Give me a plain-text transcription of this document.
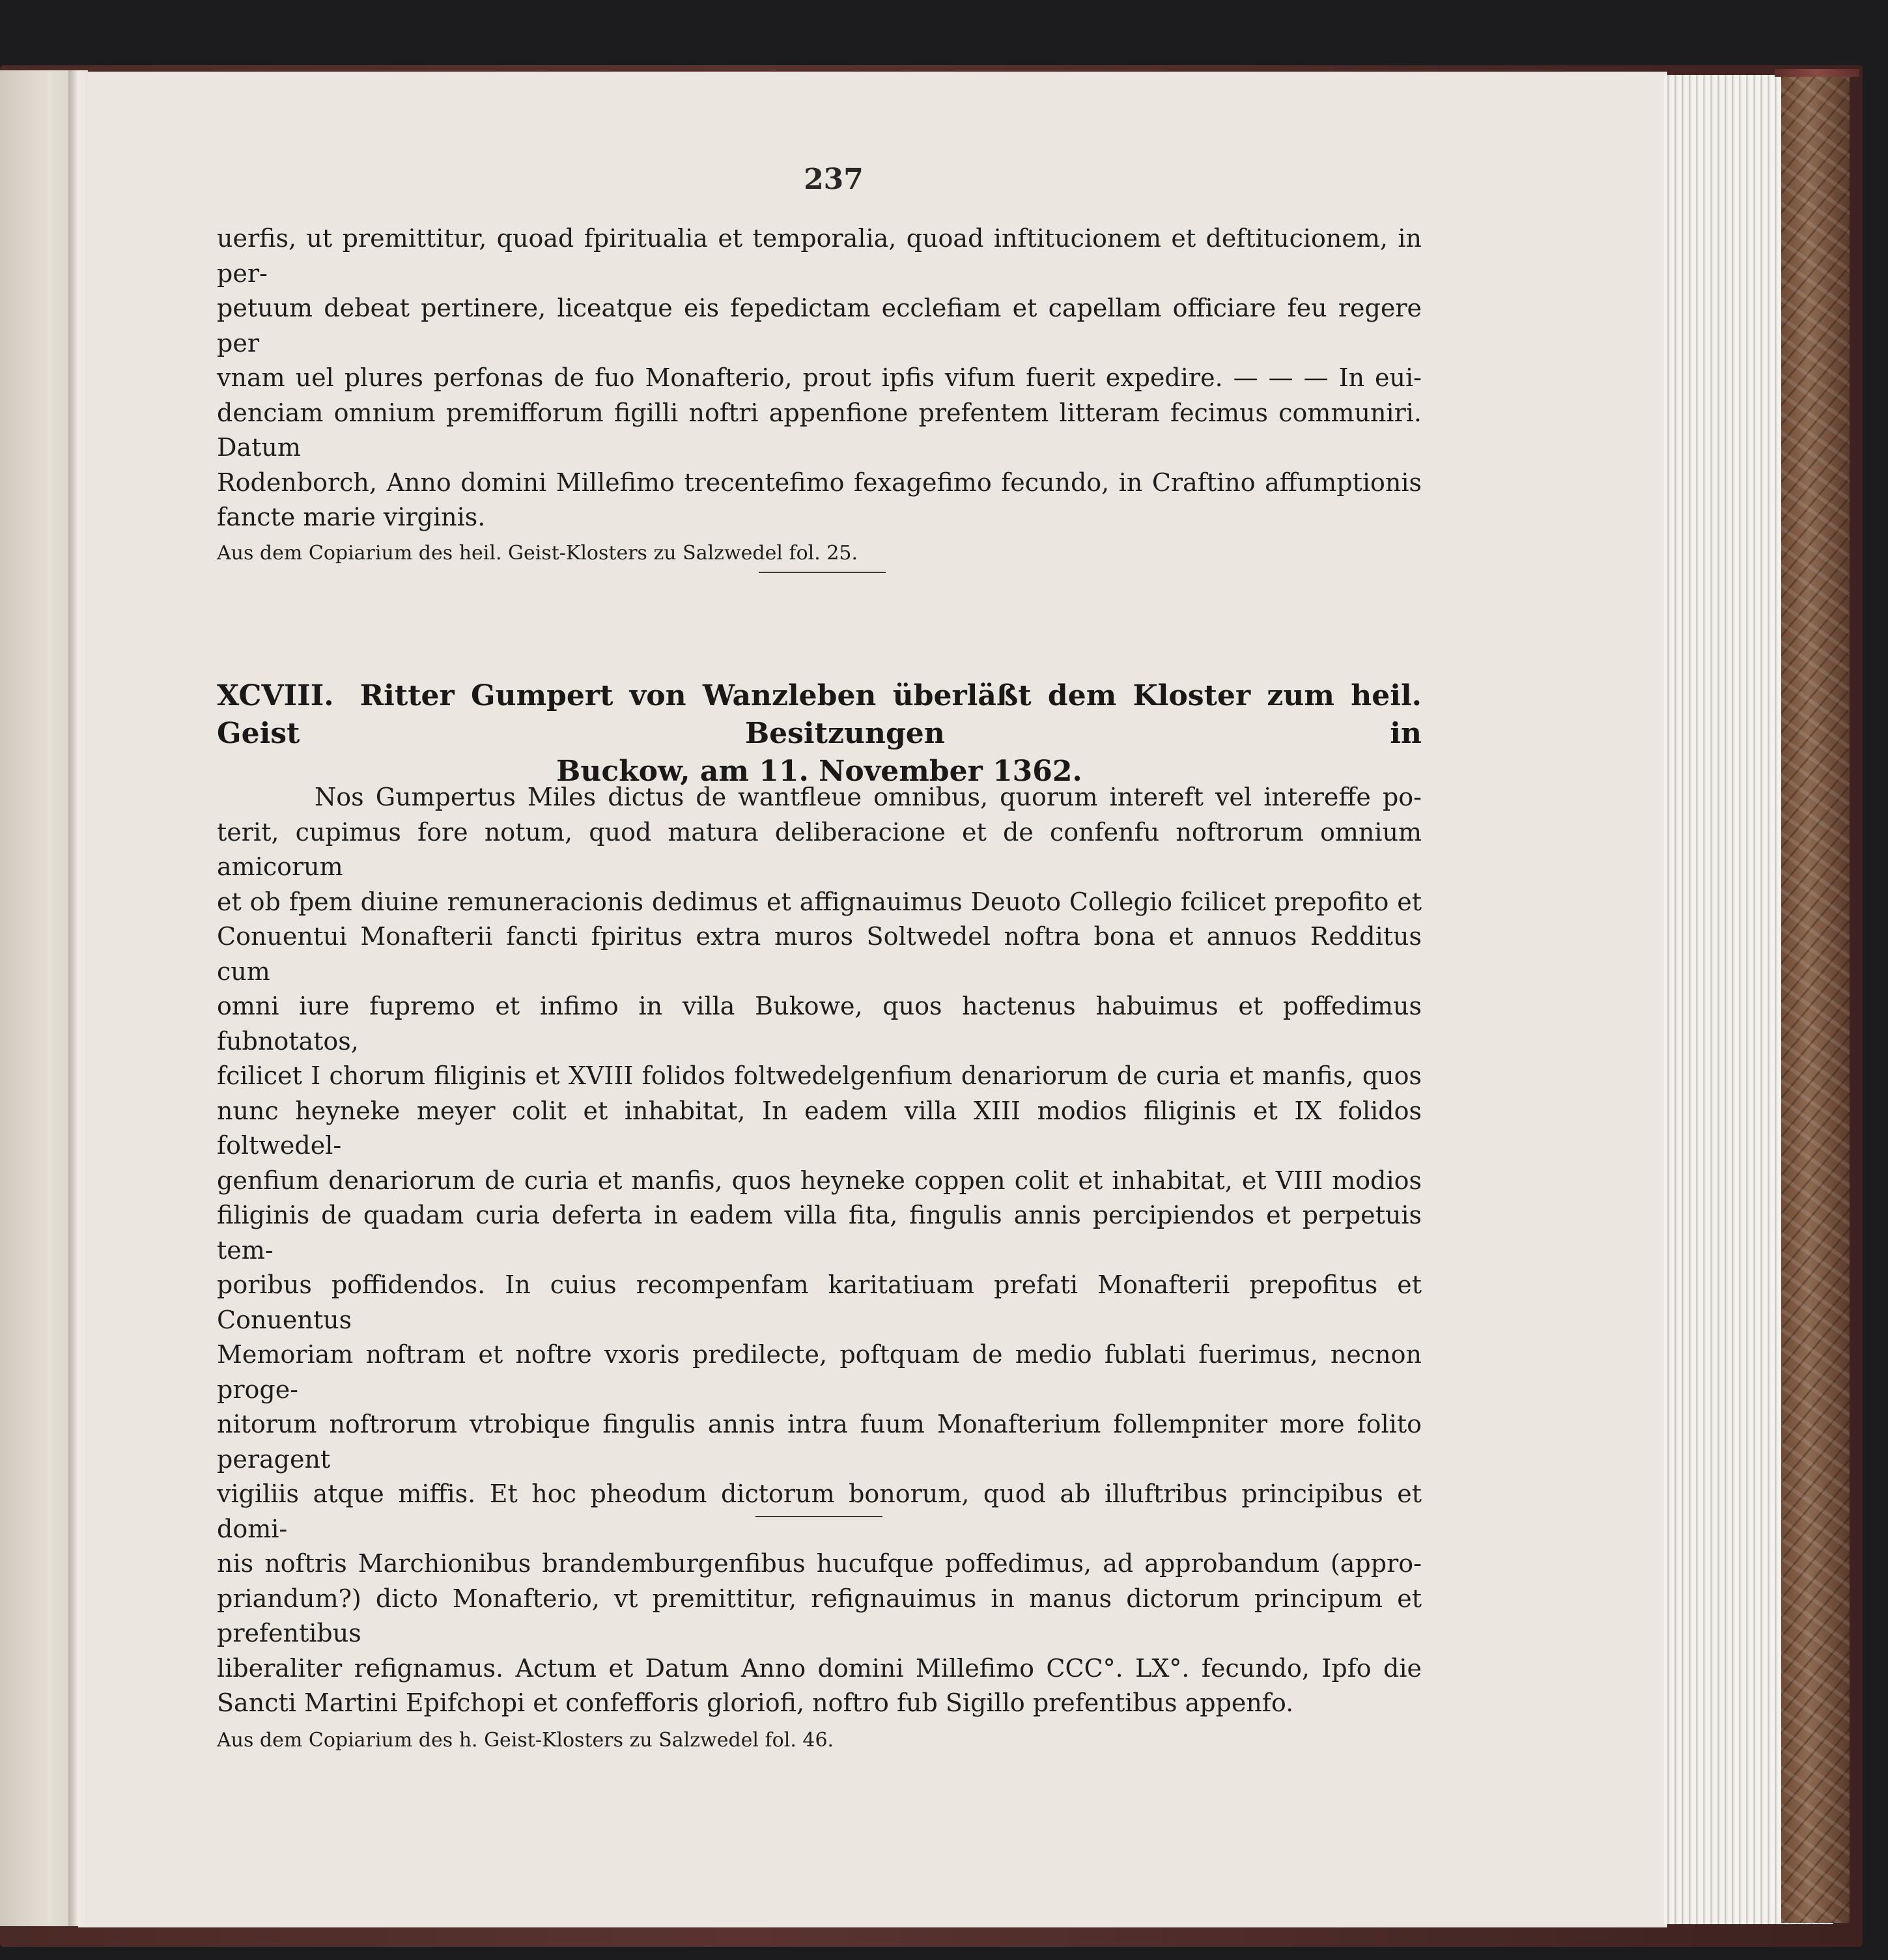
237

uerfis, ut premittitur, quoad fpiritualia et temporalia, quoad inftitucionem et deftitucionem, in per-
petuum debeat pertinere, liceatque eis fepedictam ecclefiam et capellam officiare feu regere per
vnam uel plures perfonas de fuo Monafterio, prout ipfis vifum fuerit expedire. — — — In eui-
denciam omnium premifforum figilli noftri appenfione prefentem litteram fecimus communiri. Datum
Rodenborch, Anno domini Millefimo trecentefimo fexagefimo fecundo, in Craftino affumptionis
fancte marie virginis.

Aus dem Copiarium des heil. Geist-Klosters zu Salzwedel fol. 25.

XCVIII. Ritter Gumpert von Wanzleben überläßt dem Kloster zum heil. Geist Besitzungen in
Buckow, am 11. November 1362.

Nos Gumpertus Miles dictus de wantfleue omnibus, quorum intereft vel intereffe po-
terit, cupimus fore notum, quod matura deliberacione et de confenfu noftrorum omnium amicorum
et ob fpem diuine remuneracionis dedimus et affignauimus Deuoto Collegio fcilicet prepofito et
Conuentui Monafterii fancti fpiritus extra muros Soltwedel noftra bona et annuos Redditus cum
omni iure fupremo et infimo in villa Bukowe, quos hactenus habuimus et poffedimus fubnotatos,
fcilicet I chorum filiginis et XVIII folidos foltwedelgenfium denariorum de curia et manfis, quos
nunc heyneke meyer colit et inhabitat, In eadem villa XIII modios filiginis et IX folidos foltwedel-
genfium denariorum de curia et manfis, quos heyneke coppen colit et inhabitat, et VIII modios
filiginis de quadam curia deferta in eadem villa fita, fingulis annis percipiendos et perpetuis tem-
poribus poffidendos. In cuius recompenfam karitatiuam prefati Monafterii prepofitus et Conuentus
Memoriam noftram et noftre vxoris predilecte, poftquam de medio fublati fuerimus, necnon proge-
nitorum noftrorum vtrobique fingulis annis intra fuum Monafterium follempniter more folito peragent
vigiliis atque miffis. Et hoc pheodum dictorum bonorum, quod ab illuftribus principibus et domi-
nis noftris Marchionibus brandemburgenfibus hucufque poffedimus, ad approbandum (appro-
priandum?) dicto Monafterio, vt premittitur, refignauimus in manus dictorum principum et prefentibus
liberaliter refignamus. Actum et Datum Anno domini Millefimo CCC°. LX°. fecundo, Ipfo die
Sancti Martini Epifchopi et confefforis gloriofi, noftro fub Sigillo prefentibus appenfo.

Aus dem Copiarium des h. Geist-Klosters zu Salzwedel fol. 46.
